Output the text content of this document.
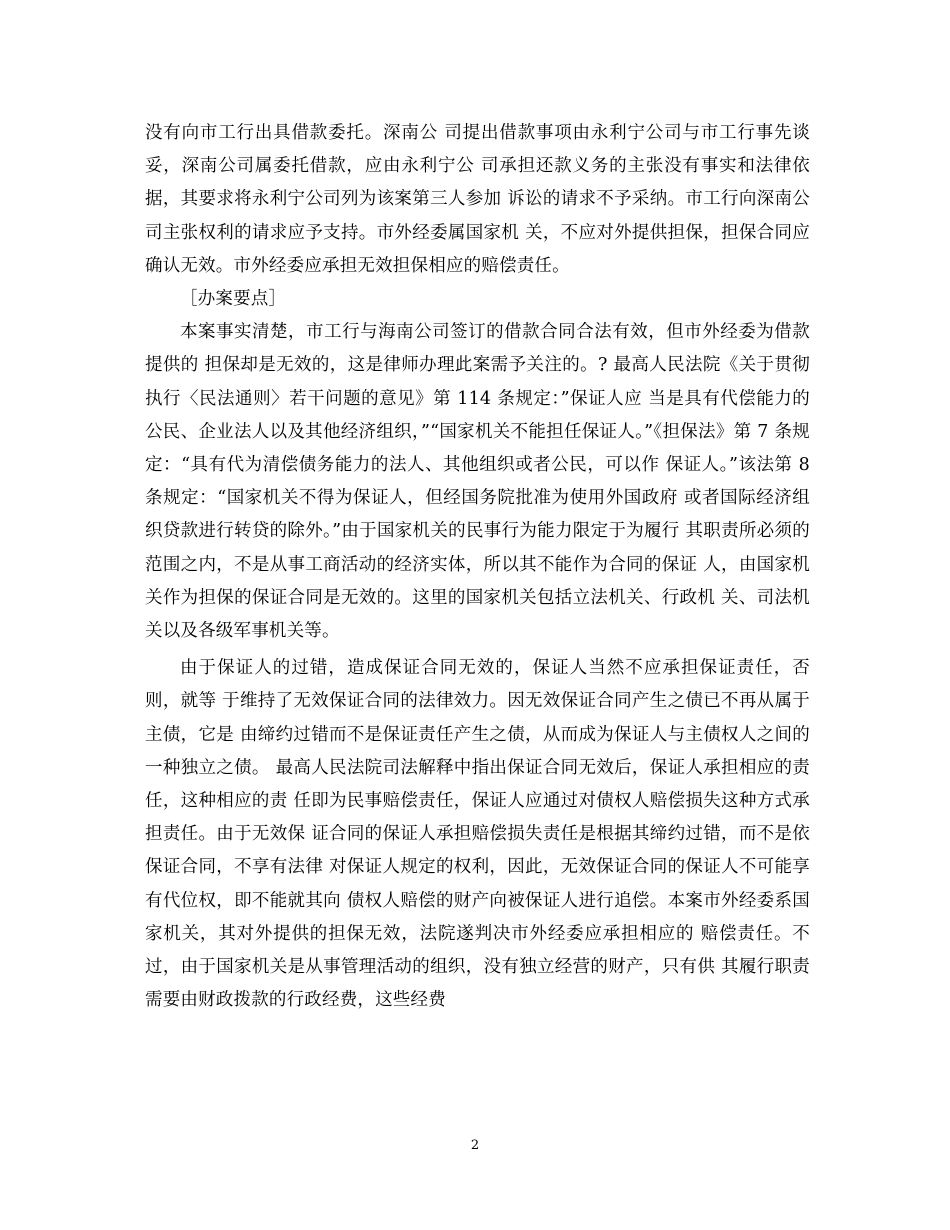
没有向市工行出具借款委托。深南公 司提出借款事项由永利宁公司与市工行事先谈妥，深南公司属委托借款，应由永利宁公 司承担还款义务的主张没有事实和法律依据，其要求将永利宁公司列为该案第三人参加 诉讼的请求不予采纳。市工行向深南公司主张权利的请求应予支持。市外经委属国家机 关，不应对外提供担保，担保合同应确认无效。市外经委应承担无效担保相应的赔偿责任。

［办案要点］

本案事实清楚，市工行与海南公司签订的借款合同合法有效，但市外经委为借款提供的 担保却是无效的，这是律师办理此案需予关注的。? 最高人民法院《关于贯彻执行〈民法通则〉若干问题的意见》第 114 条规定：”保证人应 当是具有代偿能力的公民、企业法人以及其他经济组织，”“国家机关不能担任保证人。”《担保法》第 7 条规定：“具有代为清偿债务能力的法人、其他组织或者公民，可以作 保证人。”该法第 8 条规定：“国家机关不得为保证人，但经国务院批准为使用外国政府 或者国际经济组织贷款进行转贷的除外。”由于国家机关的民事行为能力限定于为履行 其职责所必须的范围之内，不是从事工商活动的经济实体，所以其不能作为合同的保证 人，由国家机关作为担保的保证合同是无效的。这里的国家机关包括立法机关、行政机 关、司法机关以及各级军事机关等。

由于保证人的过错，造成保证合同无效的，保证人当然不应承担保证责任，否则，就等 于维持了无效保证合同的法律效力。因无效保证合同产生之债已不再从属于主债，它是 由缔约过错而不是保证责任产生之债，从而成为保证人与主债权人之间的一种独立之债。 最高人民法院司法解释中指出保证合同无效后，保证人承担相应的责任，这种相应的责 任即为民事赔偿责任，保证人应通过对债权人赔偿损失这种方式承担责任。由于无效保 证合同的保证人承担赔偿损失责任是根据其缔约过错，而不是依保证合同，不享有法律 对保证人规定的权利，因此，无效保证合同的保证人不可能享有代位权，即不能就其向 债权人赔偿的财产向被保证人进行追偿。本案市外经委系国家机关，其对外提供的担保无效，法院遂判决市外经委应承担相应的 赔偿责任。不过，由于国家机关是从事管理活动的组织，没有独立经营的财产，只有供 其履行职责需要由财政拨款的行政经费，这些经费

2
